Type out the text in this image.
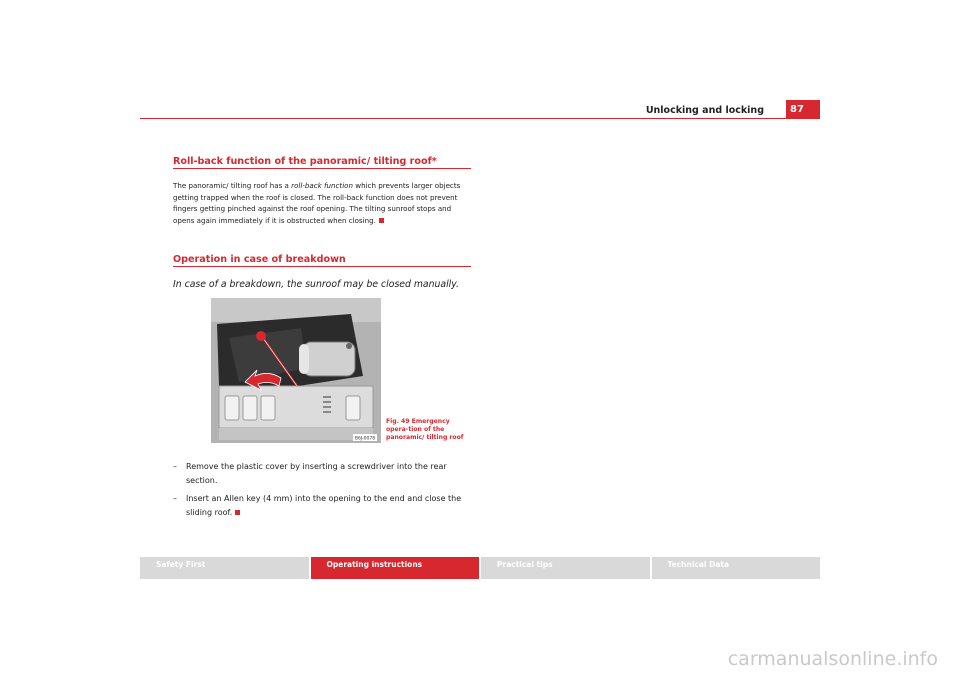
Unlocking and locking	87
Roll-back function of the panoramic/ tilting roof*
The panoramic/ tilting roof has a roll-back function which prevents larger objects getting trapped when the roof is closed. The roll-back function does not prevent fingers getting pinched against the roof opening. The tilting sunroof stops and opens again immediately if it is obstructed when closing.
Operation in case of breakdown
In case of a breakdown, the sunroof may be closed manually.
B6J-0078
Fig. 49 Emergency opera-tion of the panoramic/ tilting roof
–	Remove the plastic cover by inserting a screwdriver into the rear section.
–	Insert an Allen key (4 mm) into the opening to the end and close the sliding roof.
Safety First	Operating instructions	Practical tips	Technical Data
carmanualsonline.info
